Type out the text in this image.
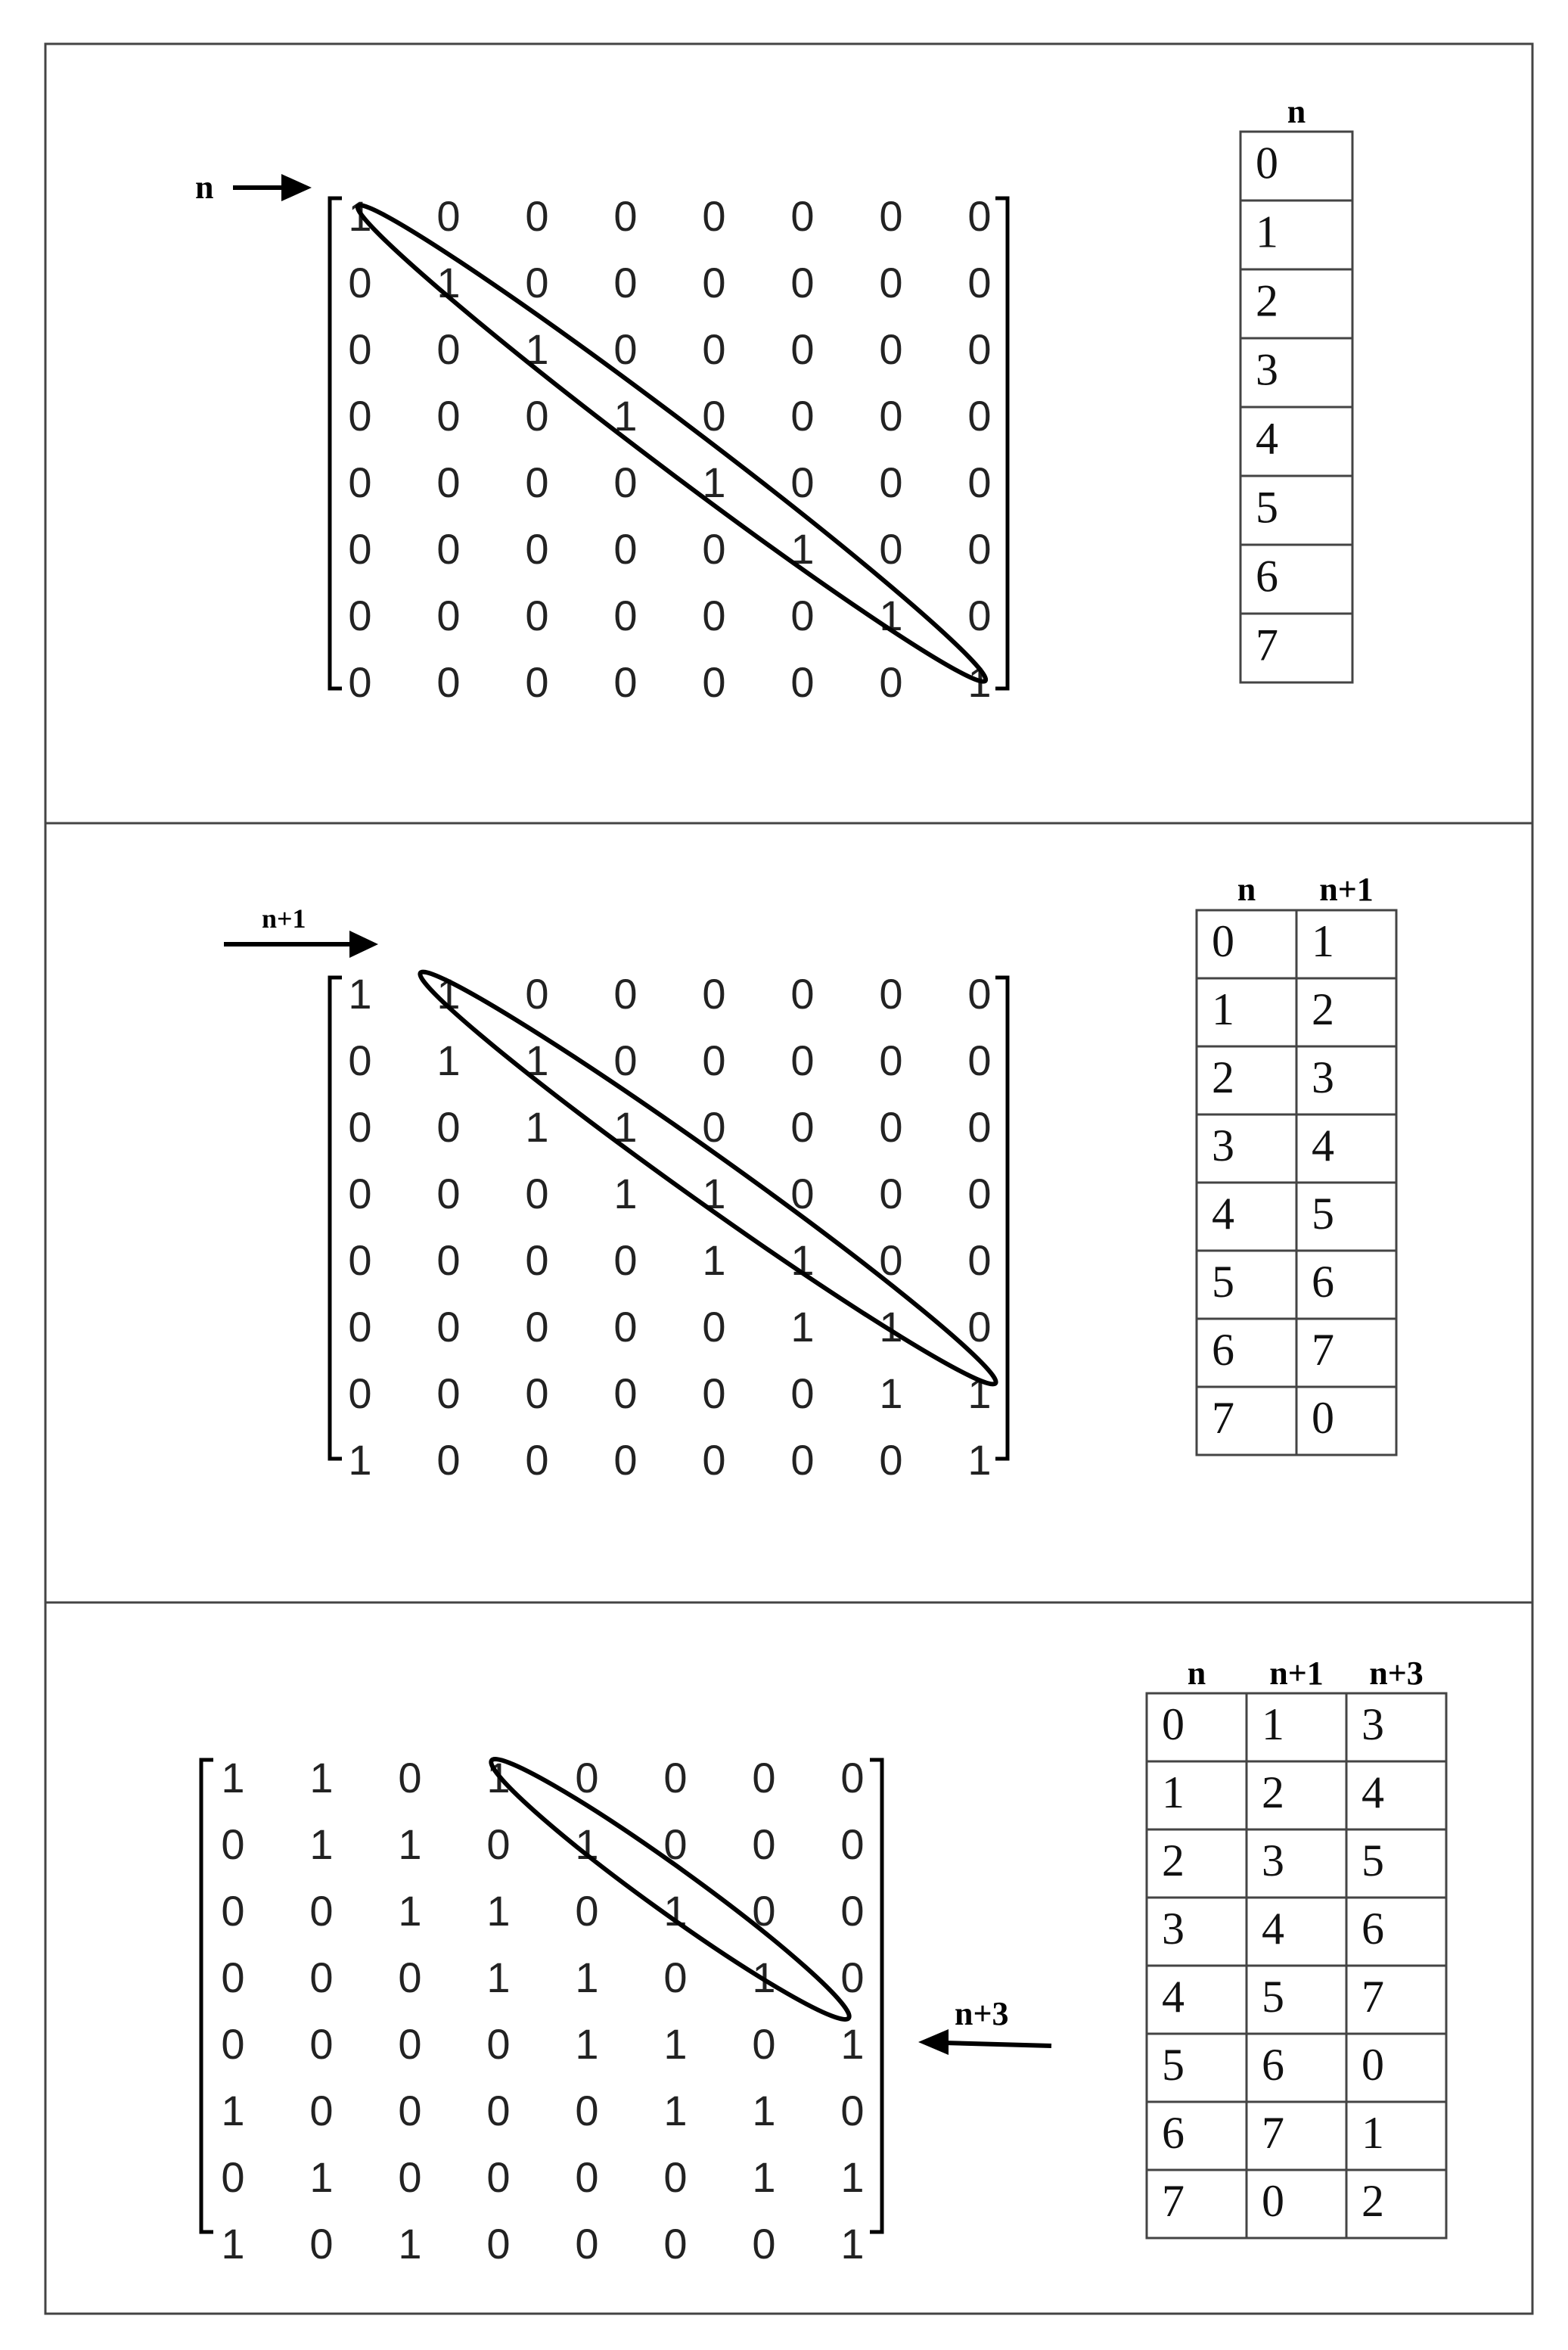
n
1 0 0 0 0 0 0 0
0 1 0 0 0 0 0 0
0 0 1 0 0 0 0 0
0 0 0 1 0 0 0 0
0 0 0 0 1 0 0 0
0 0 0 0 0 1 0 0
0 0 0 0 0 0 1 0
0 0 0 0 0 0 0 1
n
0
1
2
3
4
5
6
7
n+1
1 1 0 0 0 0 0 0
0 1 1 0 0 0 0 0
0 0 1 1 0 0 0 0
0 0 0 1 1 0 0 0
0 0 0 0 1 1 0 0
0 0 0 0 0 1 1 0
0 0 0 0 0 0 1 1
1 0 0 0 0 0 0 1
n n+1
0 1
1 2
2 3
3 4
4 5
5 6
6 7
7 0
n+3
1 1 0 1 0 0 0 0
0 1 1 0 1 0 0 0
0 0 1 1 0 1 0 0
0 0 0 1 1 0 1 0
0 0 0 0 1 1 0 1
1 0 0 0 0 1 1 0
0 1 0 0 0 0 1 1
1 0 1 0 0 0 0 1
n n+1 n+3
0 1 3
1 2 4
2 3 5
3 4 6
4 5 7
5 6 0
6 7 1
7 0 2
